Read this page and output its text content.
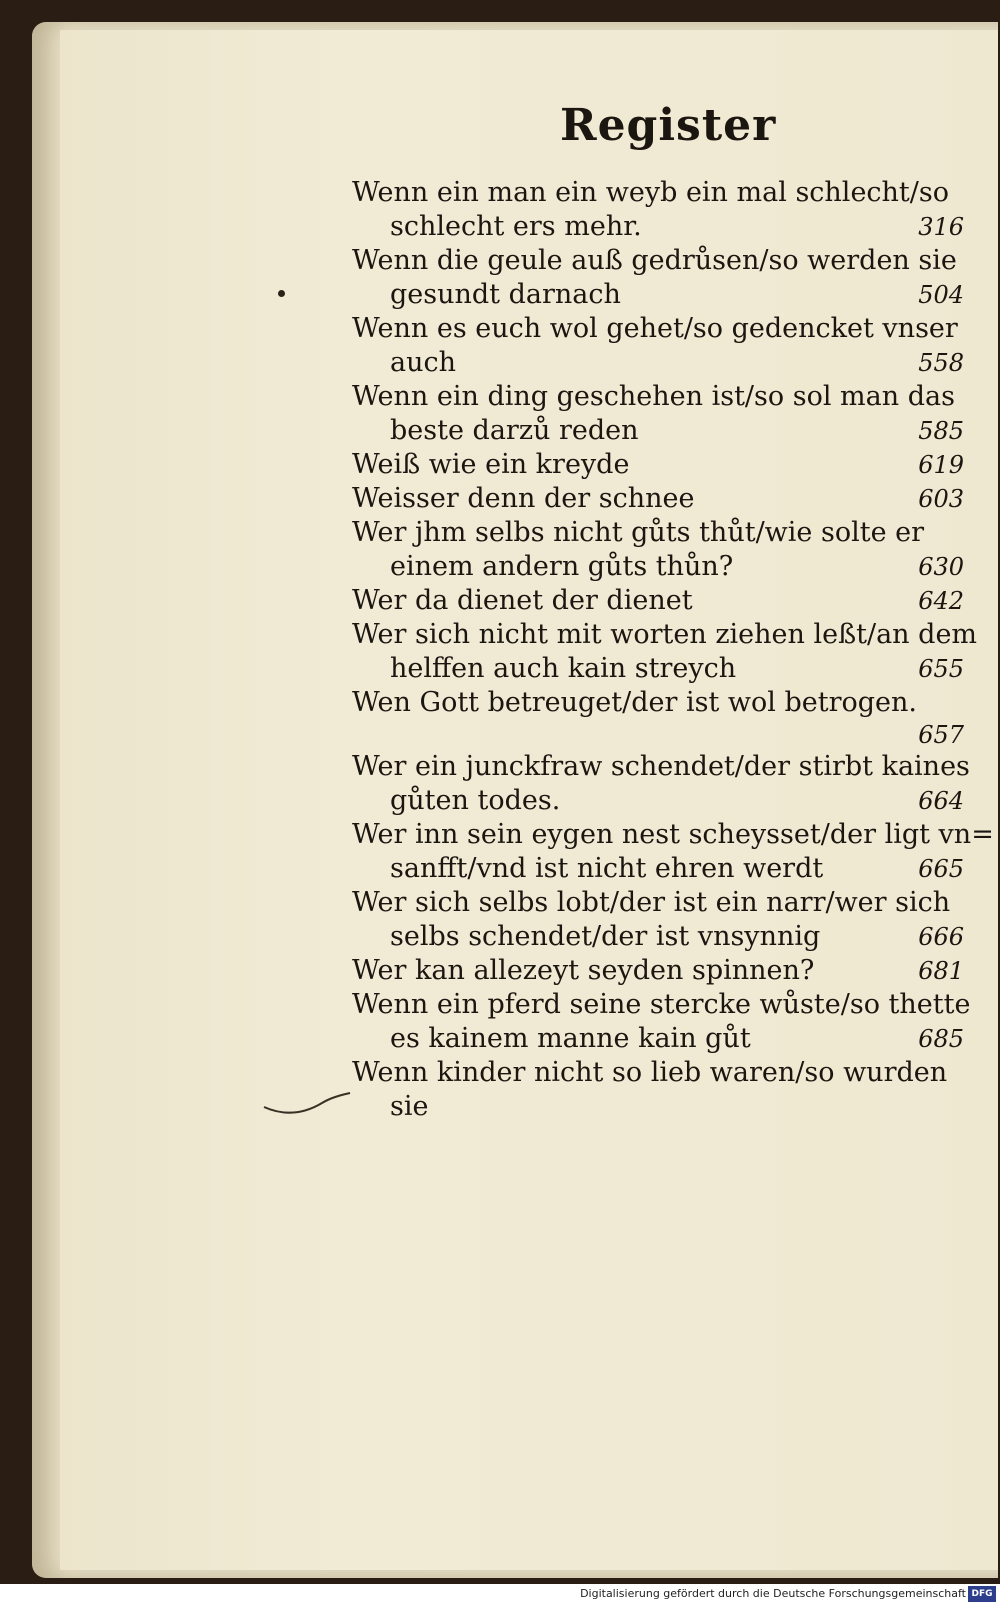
Register
Wenn ein man ein weyb ein mal schlecht/so
schlecht ers mehr.	316
Wenn die geule auß gedrůsen/so werden sie
gesundt darnach	504
Wenn es euch wol gehet/so gedencket vnser
auch	558
Wenn ein ding geschehen ist/so sol man das
beste darzů reden	585
Weiß wie ein kreyde	619
Weisser denn der schnee	603
Wer jhm selbs nicht gůts thůt/wie solte er
einem andern gůts thůn?	630
Wer da dienet der dienet	642
Wer sich nicht mit worten ziehen leßt/an dem
helffen auch kain streych	655
Wen Gott betreuget/der ist wol betrogen.
657
Wer ein junckfraw schendet/der stirbt kaines
gůten todes.	664
Wer inn sein eygen nest scheysset/der ligt vn=
sanfft/vnd ist nicht ehren werdt	665
Wer sich selbs lobt/der ist ein narr/wer sich
selbs schendet/der ist vnsynnig	666
Wer kan allezeyt seyden spinnen?	681
Wenn ein pferd seine stercke wůste/so thette
es kainem manne kain gůt	685
Wenn kinder nicht so lieb waren/so wurden
sie
Digitalisierung gefördert durch die Deutsche Forschungsgemeinschaft DFG
